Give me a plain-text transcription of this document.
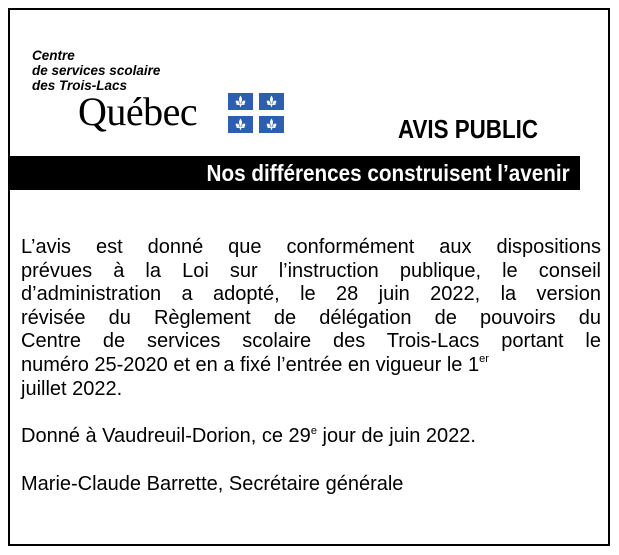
Centre
de services scolaire
des Trois-Lacs
Québec	AVIS PUBLIC
Nos différences construisent l’avenir
L’avis est donné que conformément aux dispositions
prévues à la Loi sur l’instruction publique, le conseil
d’administration a adopté, le 28 juin 2022, la version
révisée du Règlement de délégation de pouvoirs du
Centre de services scolaire des Trois-Lacs portant le
numéro 25-2020 et en a fixé l’entrée en vigueur le 1er
juillet 2022.

Donné à Vaudreuil-Dorion, ce 29e jour de juin 2022.

Marie-Claude Barrette, Secrétaire générale
